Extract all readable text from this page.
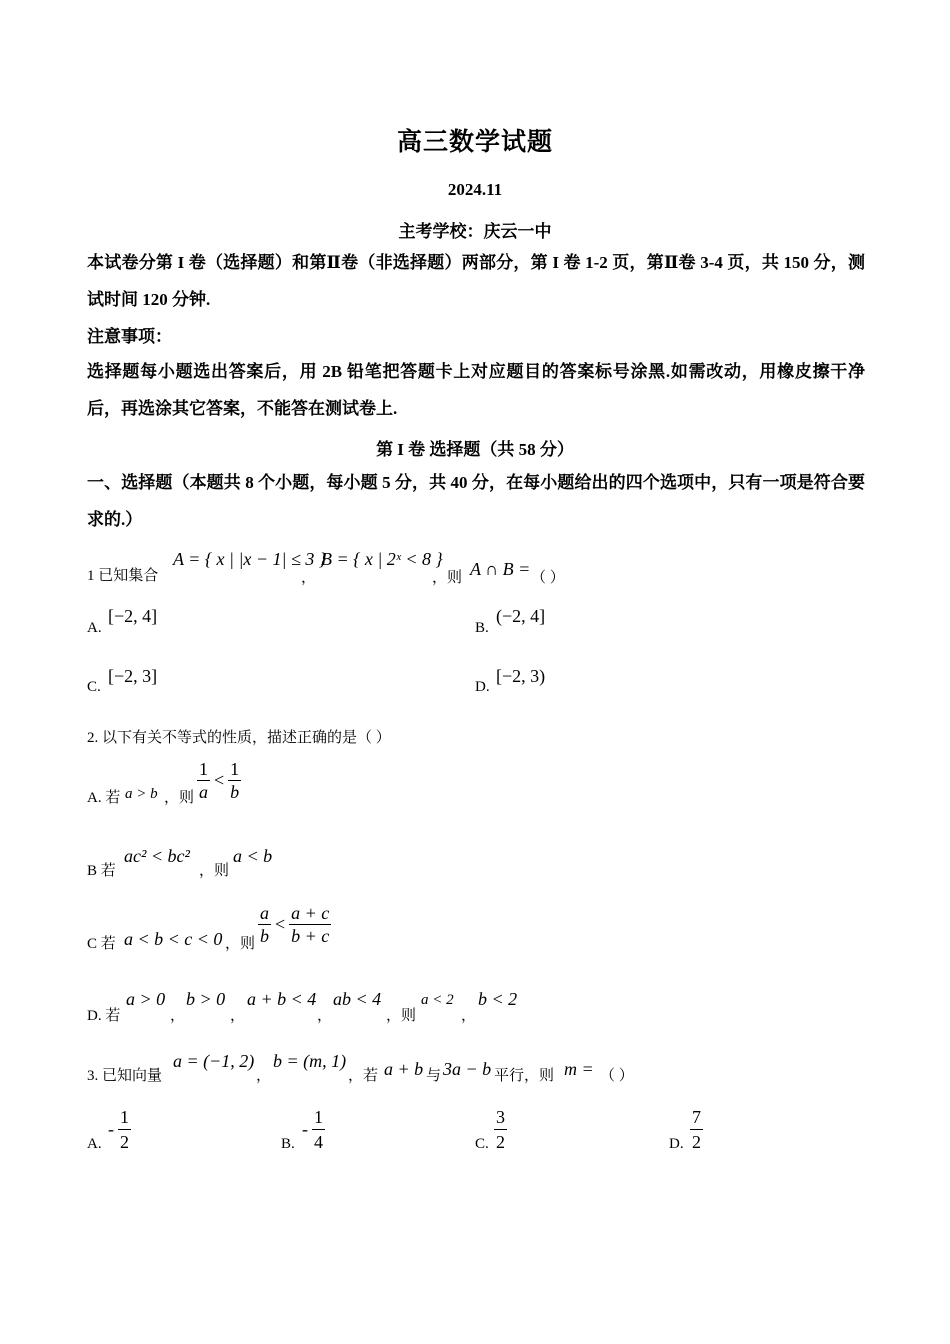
高三数学试题
2024.11
主考学校：庆云一中
本试卷分第 I 卷（选择题）和第Ⅱ卷（非选择题）两部分，第 I 卷 1-2 页，第Ⅱ卷 3-4 页，共 150 分，测试时间 120 分钟.
注意事项：
选择题每小题选出答案后，用 2B 铅笔把答题卡上对应题目的答案标号涂黑.如需改动，用橡皮擦干净后，再选涂其它答案，不能答在测试卷上.
第 I 卷 选择题（共 58 分）
一、选择题（本题共 8 个小题，每小题 5 分，共 40 分，在每小题给出的四个选项中，只有一项是符合要求的.）
1 已知集合
A = { x | |x − 1| ≤ 3 }
，
B = { x | 2ˣ < 8 }
，则 A ∩ B = （ ）
A.
[−2, 4]
B.
(−2, 4]
C.
[−2, 3]
D.
[−2, 3)
2. 以下有关不等式的性质，描述正确的是（ ）
A. 若 a > b ，则 $\frac{1}{a} < \frac{1}{b}$
B 若
ac² < bc²
，则
a < b
C 若 a < b < c < 0 ，则 $\frac{a}{b} < \frac{a + c}{b + c}$
D. 若
a > 0
，
b > 0
，
a + b < 4
，
ab < 4
，则
a < 2
，
b < 2
3. 已知向量
a = (−1, 2)
，
b = (m, 1)
，若 a + b 与 3a − b 平行，则 m = （ ）
A.
- $\frac{1}{2}$	B.
- $\frac{1}{4}$	C. $\frac{3}{2}$	D. $\frac{7}{2}$
